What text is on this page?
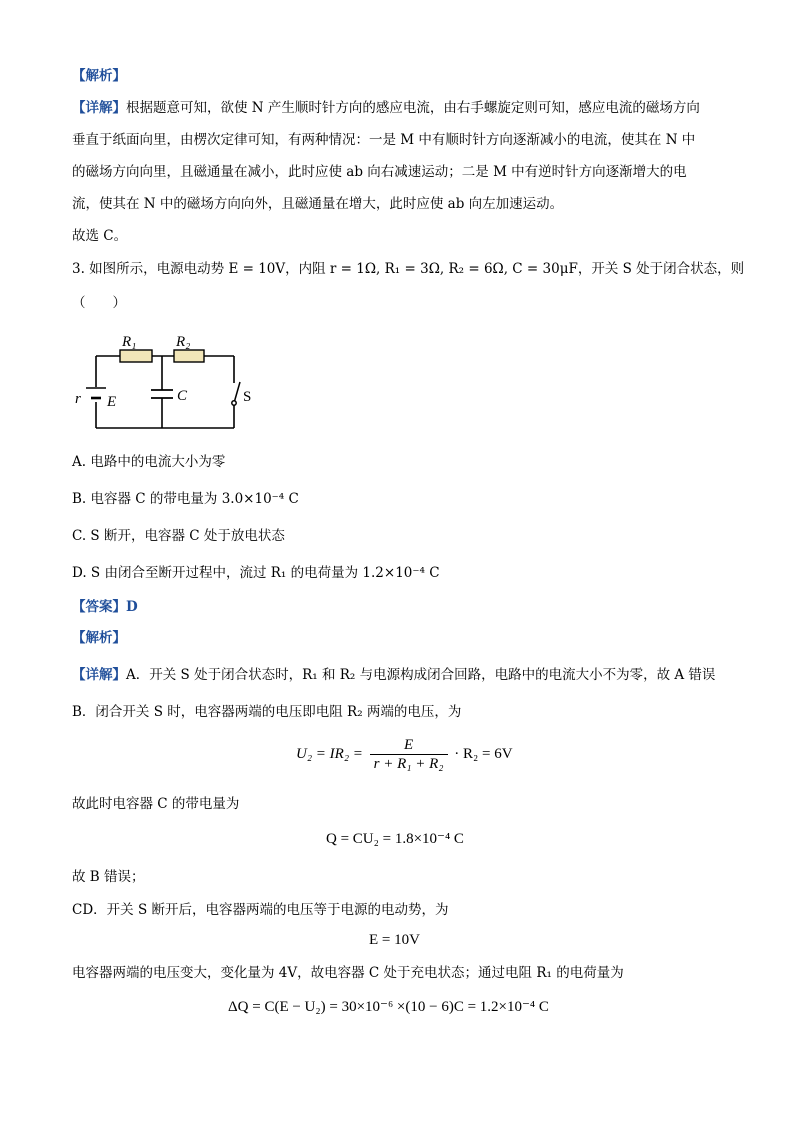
【解析】
【详解】根据题意可知，欲使 N 产生顺时针方向的感应电流，由右手螺旋定则可知，感应电流的磁场方向
垂直于纸面向里，由楞次定律可知，有两种情况：一是 M 中有顺时针方向逐渐减小的电流，使其在 N 中
的磁场方向向里，且磁通量在减小，此时应使 ab 向右减速运动；二是 M 中有逆时针方向逐渐增大的电
流，使其在 N 中的磁场方向向外，且磁通量在增大，此时应使 ab 向左加速运动。
故选 C。
3. 如图所示，电源电动势 E = 10V，内阻 r = 1Ω, R₁ = 3Ω, R₂ = 6Ω, C = 30μF，开关 S 处于闭合状态，则
（　　）
R₁	R₂
C
r E	S
A. 电路中的电流大小为零
B. 电容器 C 的带电量为 3.0×10⁻⁴ C
C. S 断开，电容器 C 处于放电状态
D. S 由闭合至断开过程中，流过 R₁ 的电荷量为 1.2×10⁻⁴ C
【答案】D
【解析】
【详解】A．开关 S 处于闭合状态时，R₁ 和 R₂ 与电源构成闭合回路，电路中的电流大小不为零，故 A 错误
B．闭合开关 S 时，电容器两端的电压即电阻 R₂ 两端的电压，为
$U_2 = IR_2 = \frac{E}{\text{r + R₁ + R₂}} \cdot R_2 = 6V$
故此时电容器 C 的带电量为
Q = CU₂ = 1.8×10⁻⁴ C
故 B 错误；
CD．开关 S 断开后，电容器两端的电压等于电源的电动势，为
E = 10V
电容器两端的电压变大，变化量为 4V，故电容器 C 处于充电状态；通过电阻 R₁ 的电荷量为
ΔQ = C(E − U₂) = 30×10⁻⁶ ×(10 − 6)C = 1.2×10⁻⁴ C
